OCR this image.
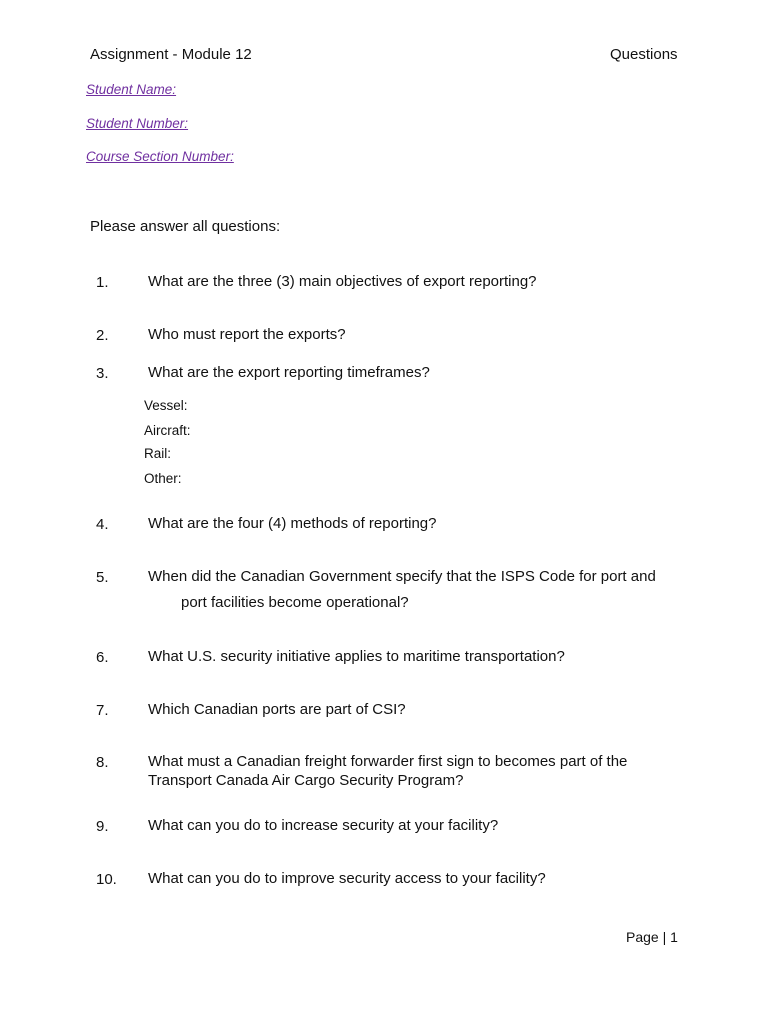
Assignment - Module 12	Questions
Student Name:
Student Number:
Course Section Number:
Please answer all questions:
1.	What are the three (3) main objectives of export reporting?
2.	Who must report the exports?
3.	What are the export reporting timeframes?
Vessel:
Aircraft:
Rail:
Other:
4.	What are the four (4) methods of reporting?
5.	When did the Canadian Government specify that the ISPS Code for port and
port facilities become operational?
6.	What U.S. security initiative applies to maritime transportation?
7.	Which Canadian ports are part of CSI?
8.	What must a Canadian freight forwarder first sign to becomes part of the
Transport Canada Air Cargo Security Program?
9.	What can you do to increase security at your facility?
10. What can you do to improve security access to your facility?
Page | 1
